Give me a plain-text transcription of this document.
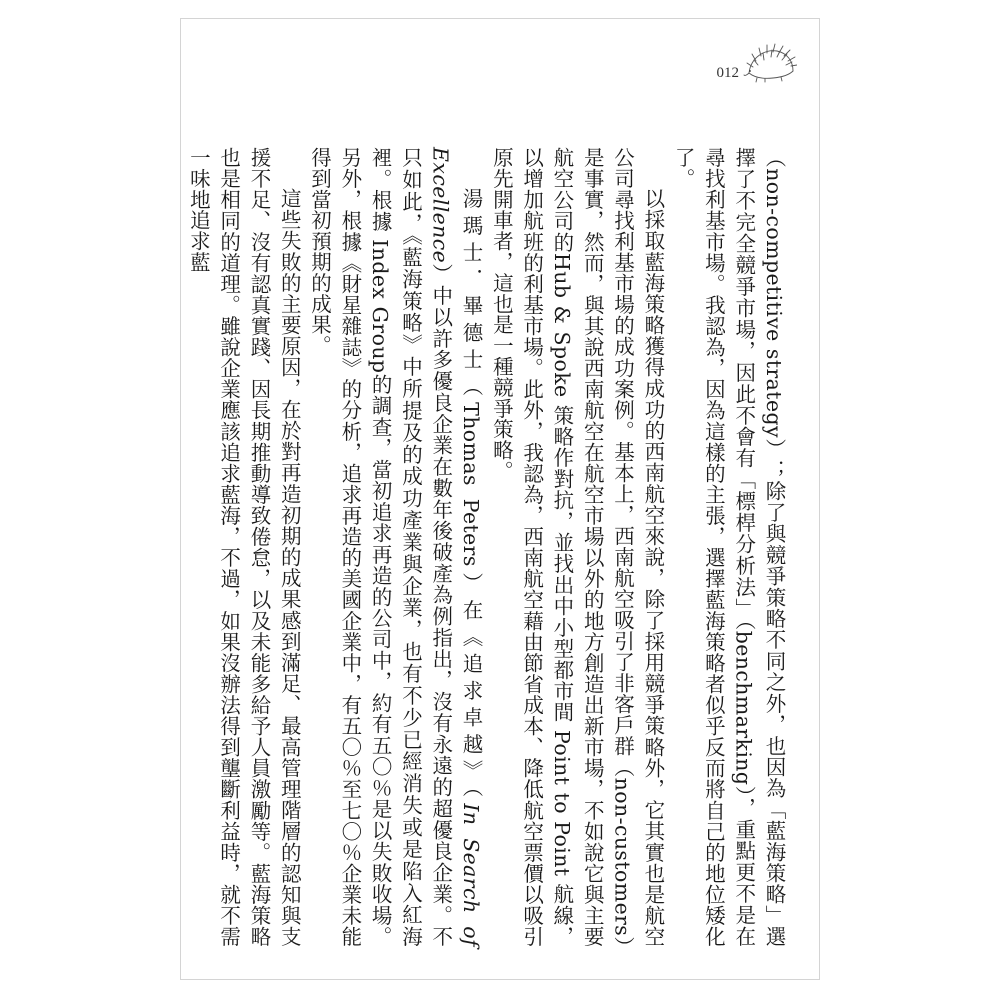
012

（non-competitive strategy）；除了與競爭策略不同之外，也因為「藍海策略」選擇了不完全競爭市場，因此不會有「標桿分析法」（benchmarking），重點更不是在尋找利基市場。我認為，因為這樣的主張，選擇藍海策略者似乎反而將自己的地位矮化了。

以採取藍海策略獲得成功的西南航空來說，除了採用競爭策略外，它其實也是航空公司尋找利基市場的成功案例。基本上，西南航空吸引了非客戶群（non-customers）是事實，然而，與其說西南航空在航空市場以外的地方創造出新市場，不如說它與主要航空公司的Hub & Spoke 策略作對抗，並找出中小型都市間 Point to Point 航線，以增加航班的利基市場。此外，我認為，西南航空藉由節省成本、降低航空票價以吸引原先開車者，這也是一種競爭策略。

湯瑪士．畢德士（Thomas Peters）在《追求卓越》（In Search of Excellence）中以許多優良企業在數年後破產為例指出，沒有永遠的超優良企業。不只如此，《藍海策略》中所提及的成功產業與企業，也有不少已經消失或是陷入紅海裡。根據 Index Group的調查，當初追求再造的公司中，約有五〇％是以失敗收場。另外，根據《財星雜誌》的分析，追求再造的美國企業中，有五〇％至七〇％企業未能得到當初預期的成果。

這些失敗的主要原因，在於對再造初期的成果感到滿足、最高管理階層的認知與支援不足、沒有認真實踐、因長期推動導致倦怠，以及未能多給予人員激勵等。藍海策略也是相同的道理。雖說企業應該追求藍海，不過，如果沒辦法得到壟斷利益時，就不需一味地追求藍
